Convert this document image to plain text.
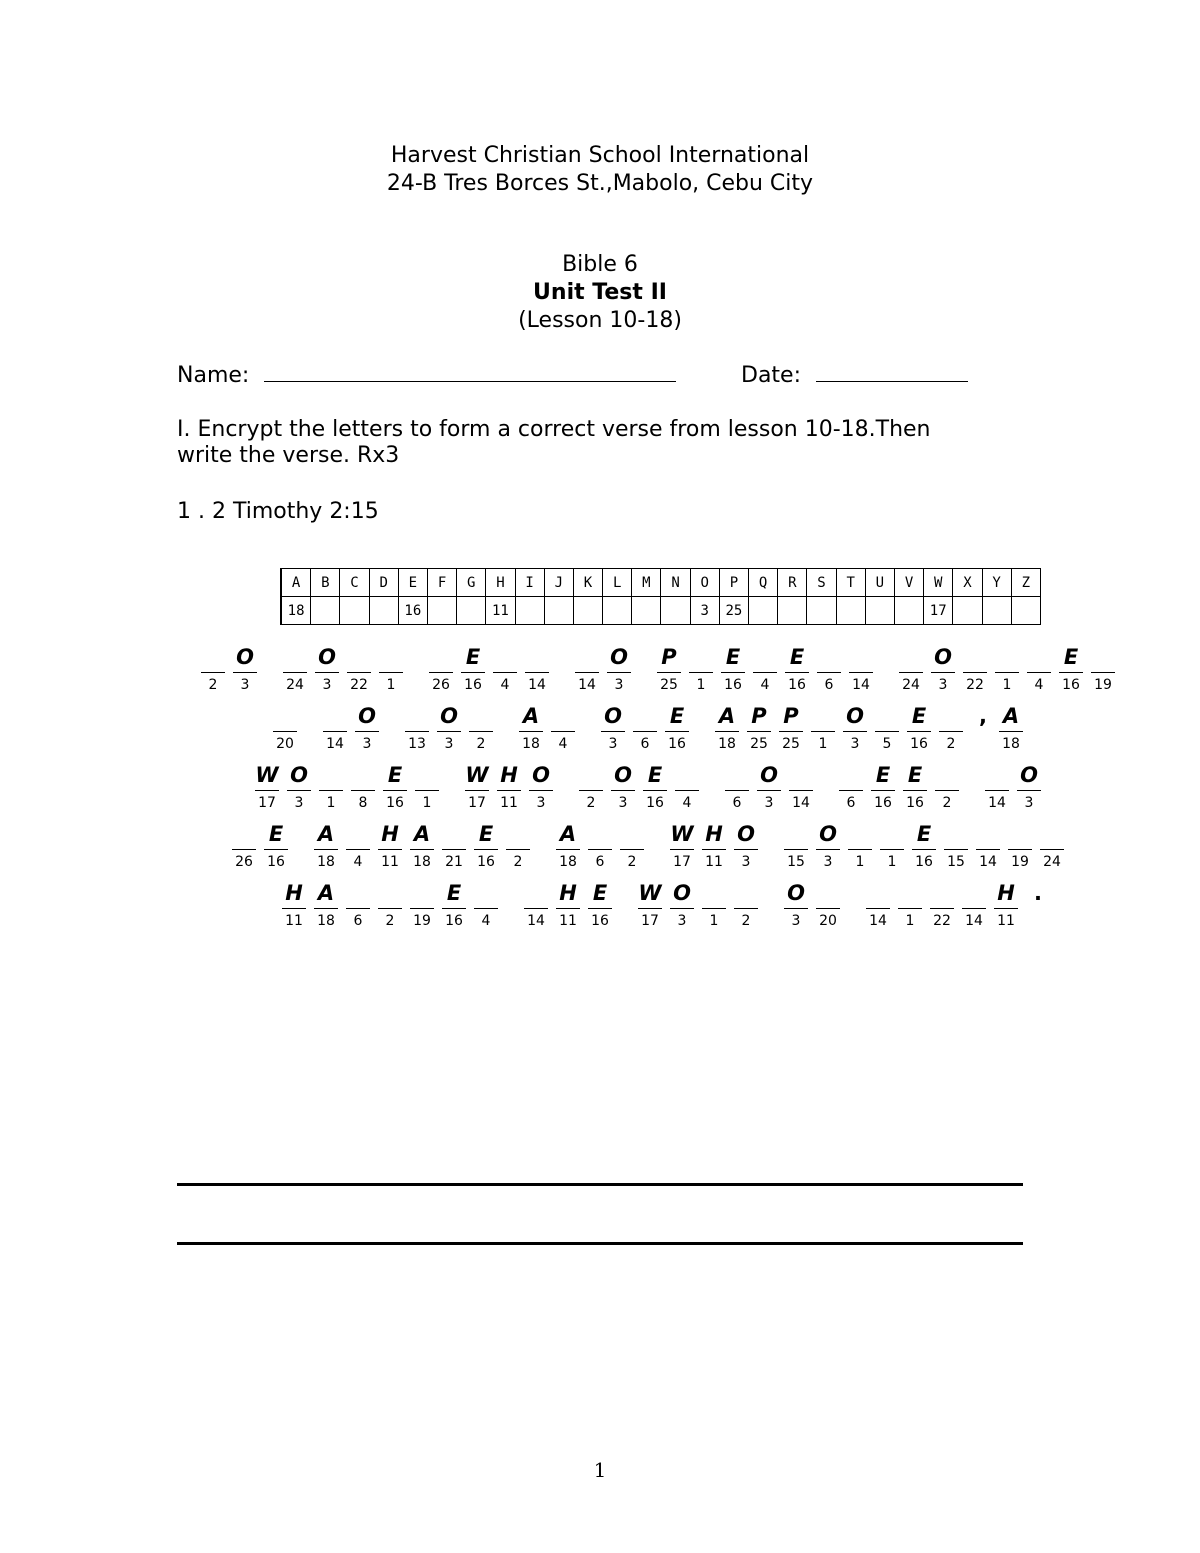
Harvest Christian School International
24-B Tres Borces St.,Mabolo, Cebu City
Bible 6
Unit Test II
(Lesson 10-18)
Name:	Date:
I. Encrypt the letters to form a correct verse from lesson 10-18.Then
write the verse. Rx3
1 . 2 Timothy 2:15
A	B	C	D	E	F	G	H	I	J	K	L	M	N	O	P	Q	R	S	T	U	V	W	X	Y	Z
18				16			11							3	25							17			
2
O
3	24
O
3	22	1	26
E
16	4	14	14
O
3
P
25	1
E
16	4
E
16	6	14	24
O
3	22	1	4
E
16	19
20	14
O
3	13
O
3	2
A
18	4
O
3	6
E
16
A
18
P
25
P
25	1
O
3	5
E
16	2
, A
18
W
17
O
3	1	8
E
16	1
W
17
H
11
O
3	2
O
3
E
16	4	6
O
3	14	6
E
16
E
16	2	14
O
3
26
E
16
A
18	4
H
11
A
18	21
E
16	2
A
18	6	2
W
17
H
11
O
3	15
O
3	1	1
E
16	15	14	19	24
H
11
A
18	6	2	19
E
16	4	14
H
11
E
16
W
17
O
3	1	2
O
3	20	14	1	22	14
H
11
.
1
